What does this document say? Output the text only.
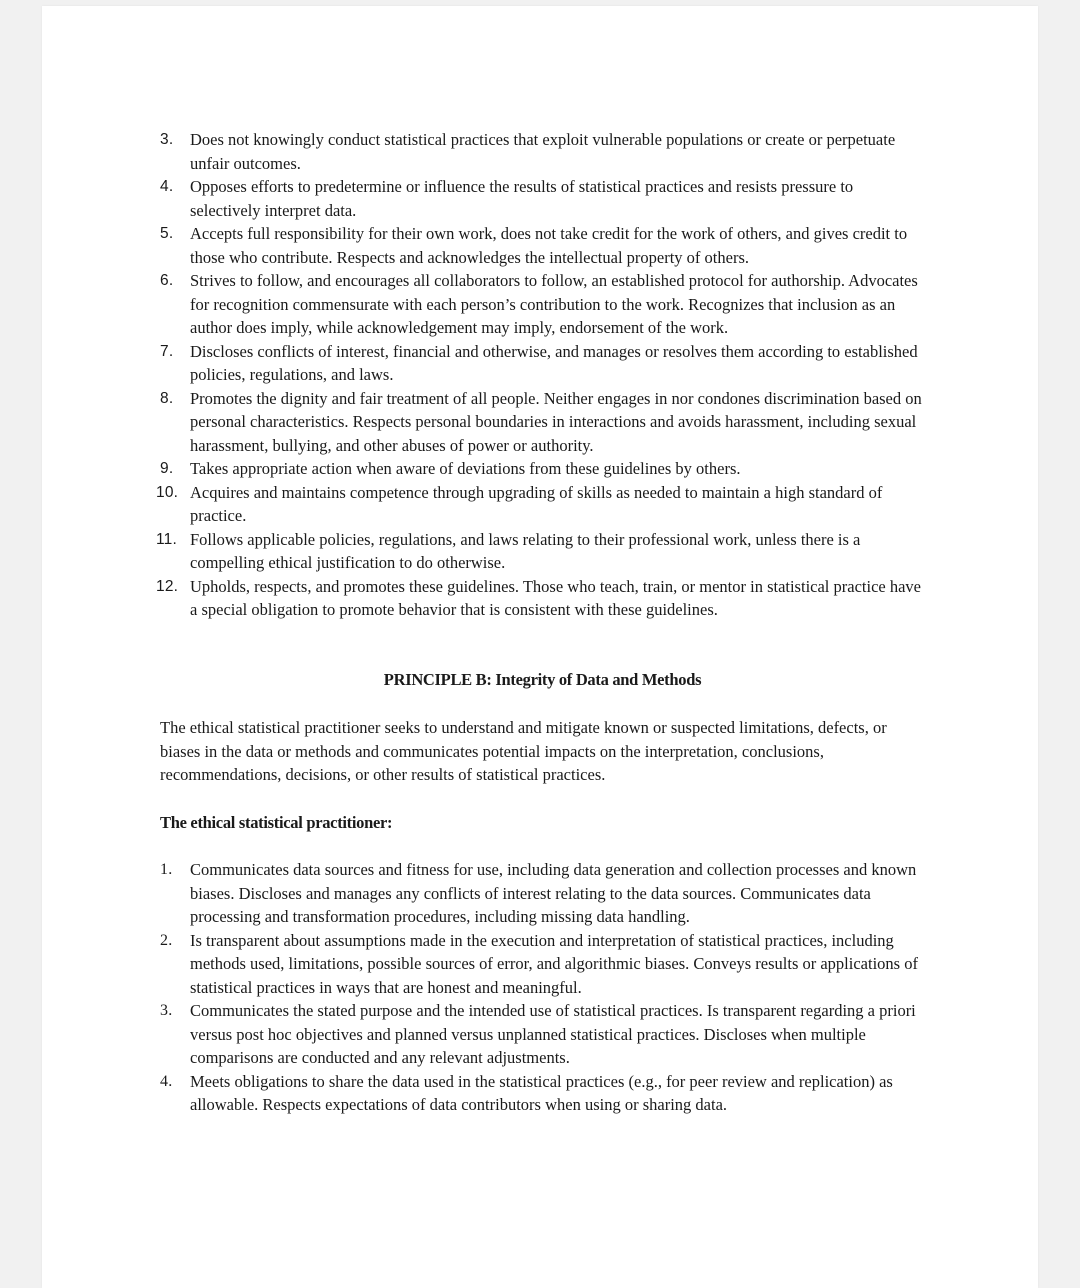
3.	Does not knowingly conduct statistical practices that exploit vulnerable populations or create or perpetuate unfair outcomes.
4.	Opposes efforts to predetermine or influence the results of statistical practices and resists pressure to selectively interpret data.
5.	Accepts full responsibility for their own work, does not take credit for the work of others, and gives credit to those who contribute. Respects and acknowledges the intellectual property of others.
6.	Strives to follow, and encourages all collaborators to follow, an established protocol for authorship. Advocates for recognition commensurate with each person’s contribution to the work. Recognizes that inclusion as an author does imply, while acknowledgement may imply, endorsement of the work.
7.	Discloses conflicts of interest, financial and otherwise, and manages or resolves them according to established policies, regulations, and laws.
8.	Promotes the dignity and fair treatment of all people. Neither engages in nor condones discrimination based on personal characteristics. Respects personal boundaries in interactions and avoids harassment, including sexual harassment, bullying, and other abuses of power or authority.
9.	Takes appropriate action when aware of deviations from these guidelines by others.
10. Acquires and maintains competence through upgrading of skills as needed to maintain a high standard of practice.
11. Follows applicable policies, regulations, and laws relating to their professional work, unless there is a compelling ethical justification to do otherwise.
12. Upholds, respects, and promotes these guidelines. Those who teach, train, or mentor in statistical practice have a special obligation to promote behavior that is consistent with these guidelines.
PRINCIPLE B: Integrity of Data and Methods
The ethical statistical practitioner seeks to understand and mitigate known or suspected limitations, defects, or biases in the data or methods and communicates potential impacts on the interpretation, conclusions, recommendations, decisions, or other results of statistical practices.
The ethical statistical practitioner:
1.	Communicates data sources and fitness for use, including data generation and collection processes and known biases. Discloses and manages any conflicts of interest relating to the data sources. Communicates data processing and transformation procedures, including missing data handling.
2.	Is transparent about assumptions made in the execution and interpretation of statistical practices, including methods used, limitations, possible sources of error, and algorithmic biases. Conveys results or applications of statistical practices in ways that are honest and meaningful.
3.	Communicates the stated purpose and the intended use of statistical practices. Is transparent regarding a priori versus post hoc objectives and planned versus unplanned statistical practices. Discloses when multiple comparisons are conducted and any relevant adjustments.
4.	Meets obligations to share the data used in the statistical practices (e.g., for peer review and replication) as allowable. Respects expectations of data contributors when using or sharing data.
